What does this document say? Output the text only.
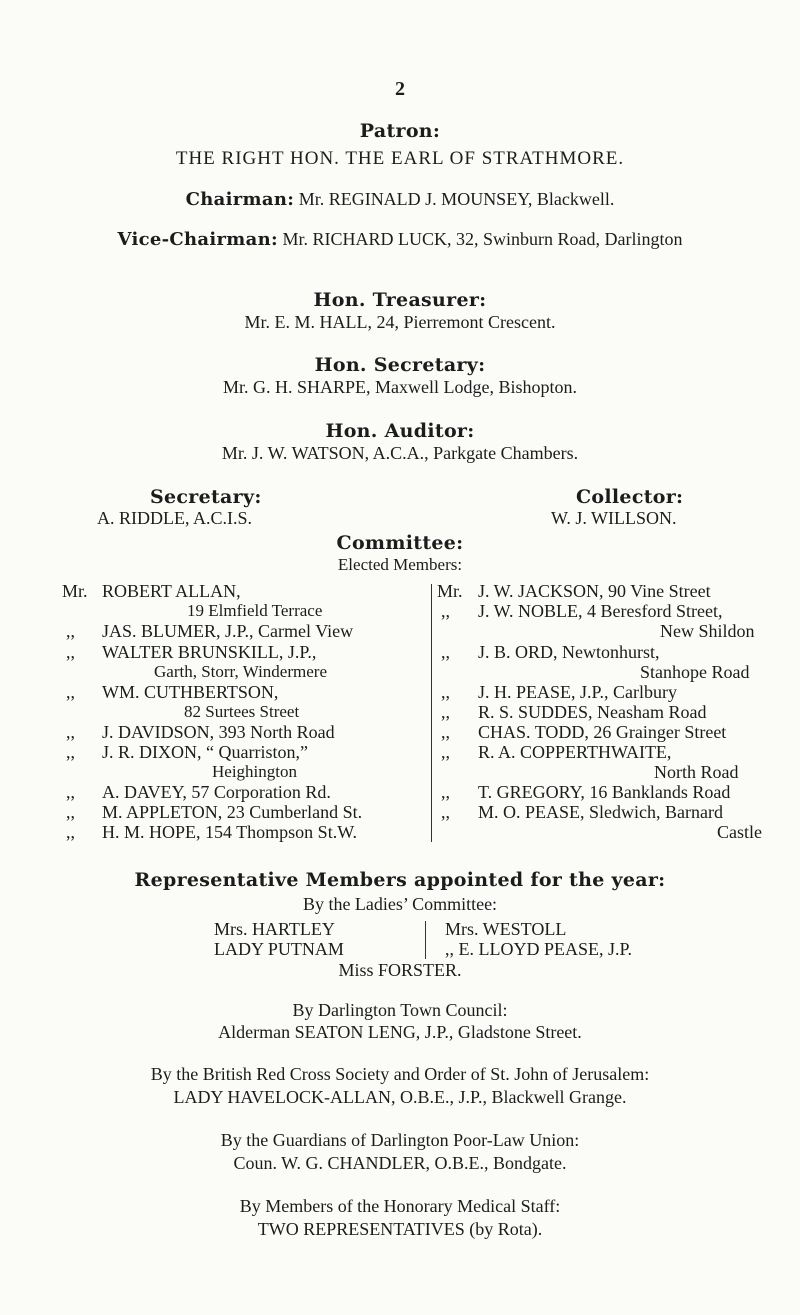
2
Patron:
THE RIGHT HON. THE EARL OF STRATHMORE.
Chairman: Mr. REGINALD J. MOUNSEY, Blackwell.
Vice-Chairman: Mr. RICHARD LUCK, 32, Swinburn Road, Darlington
Hon. Treasurer:
Mr. E. M. HALL, 24, Pierremont Crescent.
Hon. Secretary:
Mr. G. H. SHARPE, Maxwell Lodge, Bishopton.
Hon. Auditor:
Mr. J. W. WATSON, A.C.A., Parkgate Chambers.
Secretary:
A. RIDDLE, A.C.I.S.
Collector:
W. J. WILLSON.
Committee:
Elected Members:
Mr. ROBERT ALLAN,
19 Elmfield Terrace
,, JAS. BLUMER, J.P., Carmel View
,, WALTER BRUNSKILL, J.P.,
Garth, Storr, Windermere
,, WM. CUTHBERTSON,
82 Surtees Street
,, J. DAVIDSON, 393 North Road
,, J. R. DIXON, “ Quarriston,”
Heighington
,, A. DAVEY, 57 Corporation Rd.
,, M. APPLETON, 23 Cumberland St.
,, H. M. HOPE, 154 Thompson St.W.
Mr. J. W. JACKSON, 90 Vine Street
,, J. W. NOBLE, 4 Beresford Street,
New Shildon
,, J. B. ORD, Newtonhurst,
Stanhope Road
,, J. H. PEASE, J.P., Carlbury
,, R. S. SUDDES, Neasham Road
,, CHAS. TODD, 26 Grainger Street
,, R. A. COPPERTHWAITE,
North Road
,, T. GREGORY, 16 Banklands Road
,, M. O. PEASE, Sledwich, Barnard
Castle
Representative Members appointed for the year:
By the Ladies’ Committee:
Mrs. HARTLEY
LADY PUTNAM
Mrs. WESTOLL
,, E. LLOYD PEASE, J.P.
Miss FORSTER.
By Darlington Town Council:
Alderman SEATON LENG, J.P., Gladstone Street.
By the British Red Cross Society and Order of St. John of Jerusalem:
LADY HAVELOCK-ALLAN, O.B.E., J.P., Blackwell Grange.
By the Guardians of Darlington Poor-Law Union:
Coun. W. G. CHANDLER, O.B.E., Bondgate.
By Members of the Honorary Medical Staff:
TWO REPRESENTATIVES (by Rota).
